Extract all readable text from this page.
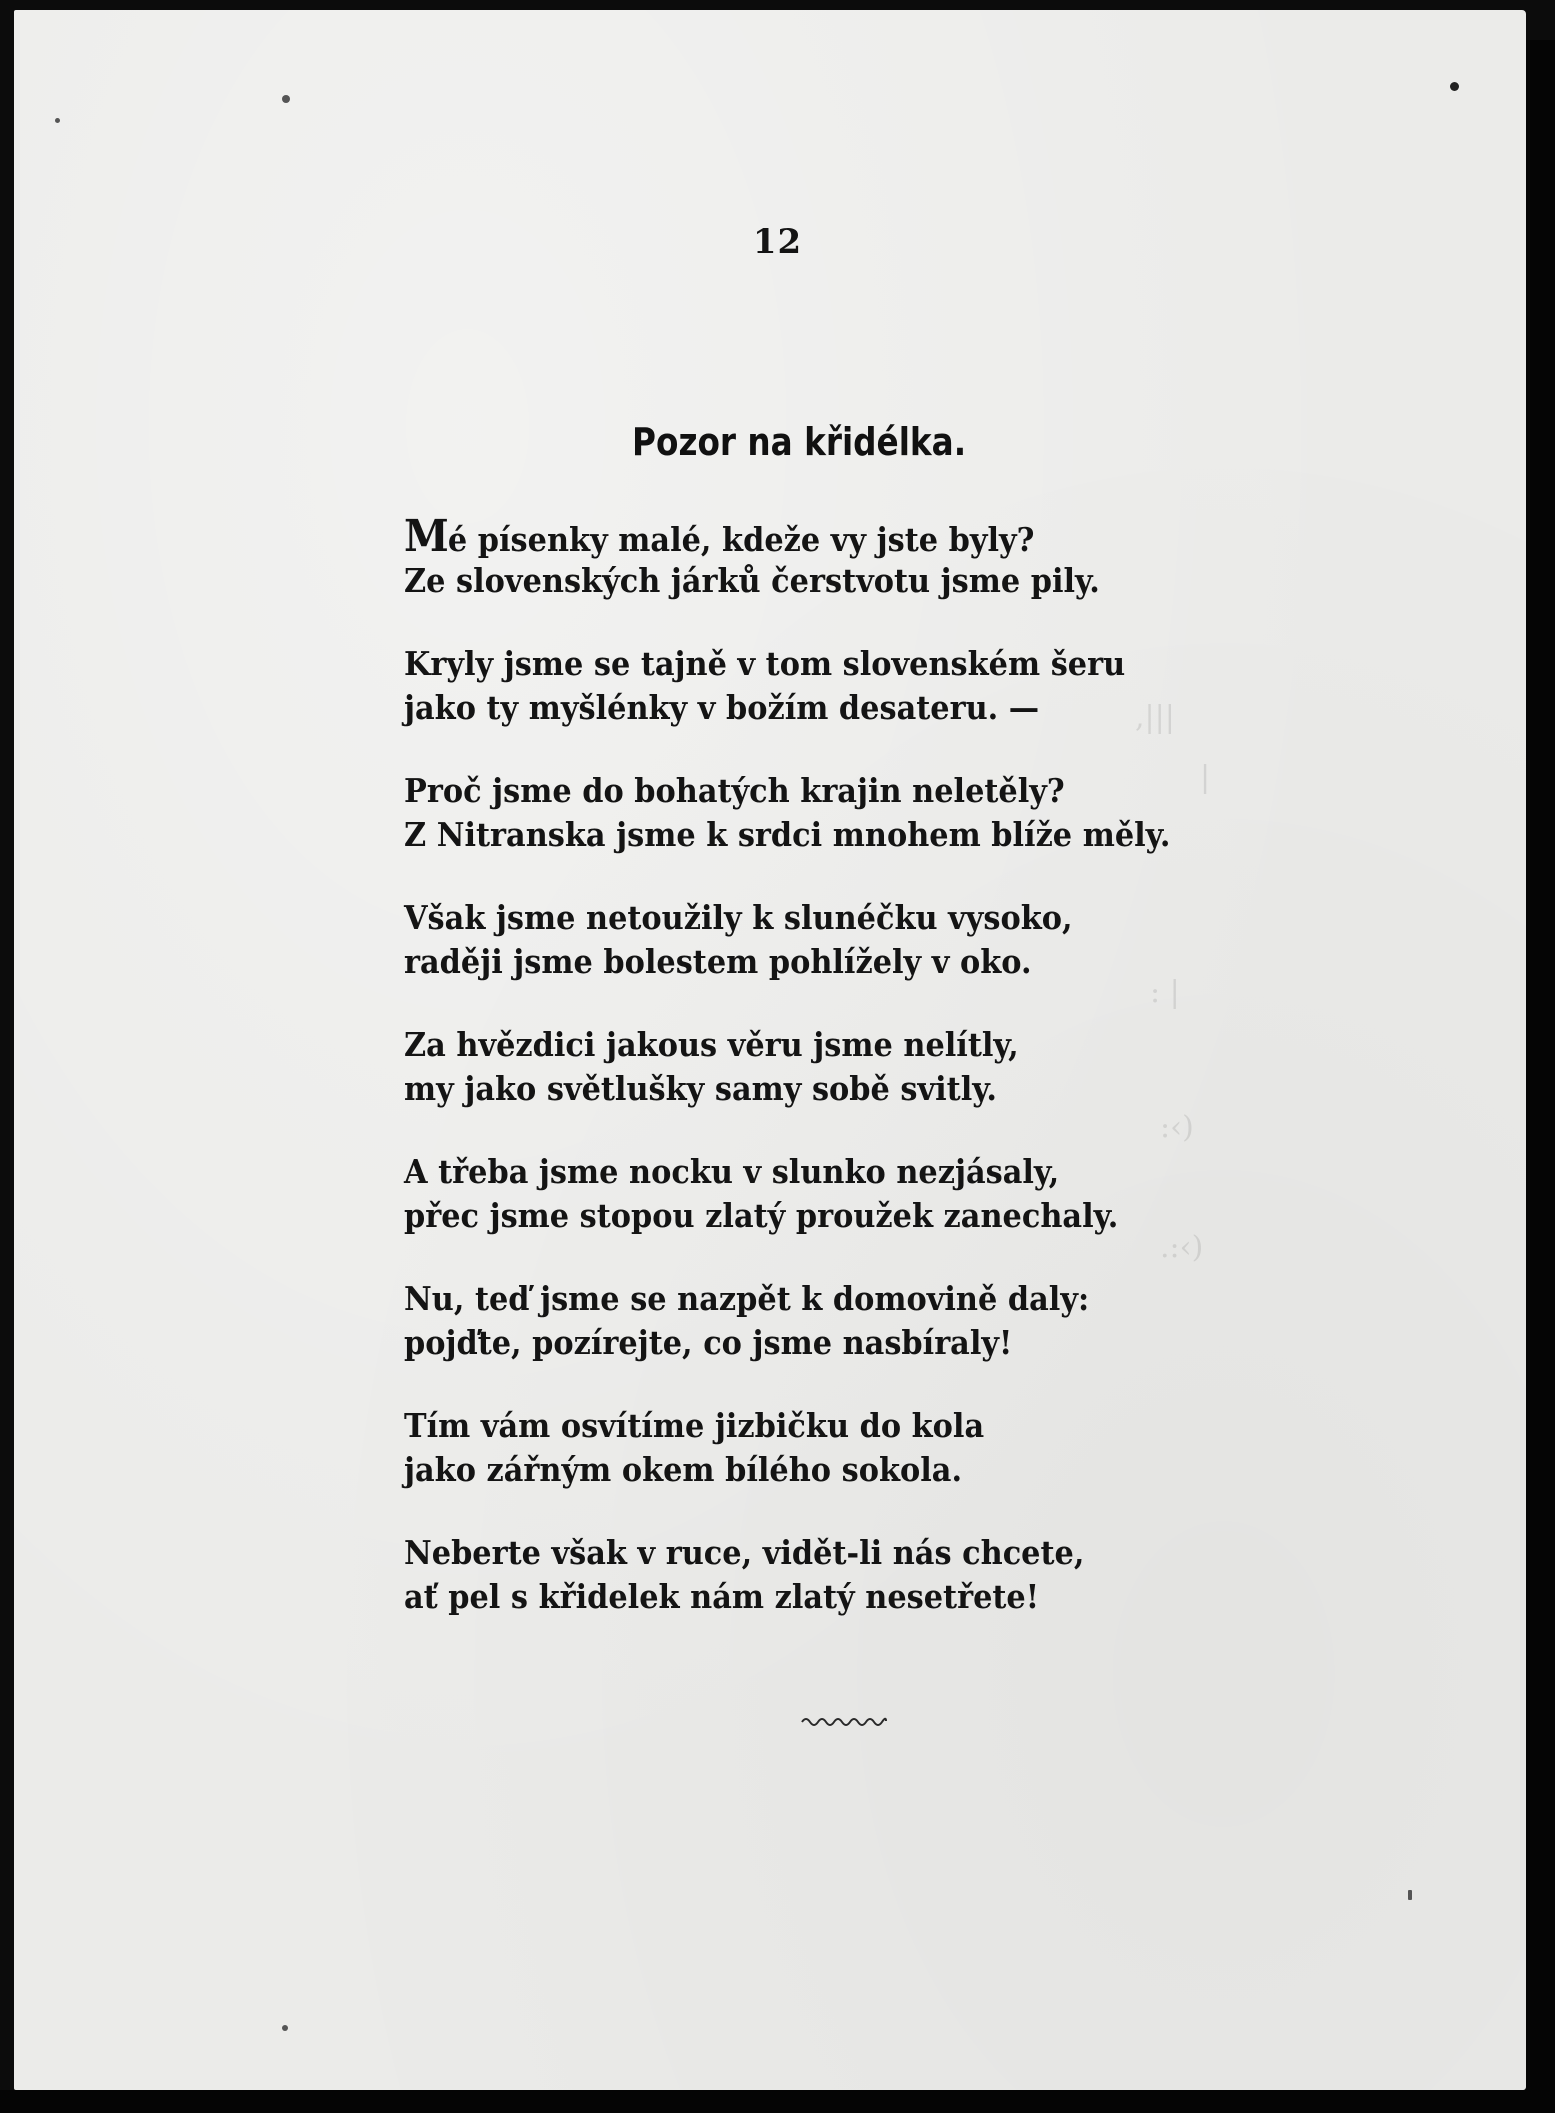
,|||
|
: |
:‹)
.:‹)
12
Pozor na křidélka.
Mé písenky malé, kdeže vy jste byly?
Ze slovenských járků čerstvotu jsme pily.
Kryly jsme se tajně v tom slovenském šeru
jako ty myšlénky v božím desateru. —
Proč jsme do bohatých krajin neletěly?
Z Nitranska jsme k srdci mnohem blíže měly.
Však jsme netoužily k slunéčku vysoko,
raději jsme bolestem pohlížely v oko.
Za hvězdici jakous věru jsme nelítly,
my jako světlušky samy sobě svitly.
A třeba jsme nocku v slunko nezjásaly,
přec jsme stopou zlatý proužek zanechaly.
Nu, teď jsme se nazpět k domovině daly:
pojďte, pozírejte, co jsme nasbíraly!
Tím vám osvítíme jizbičku do kola
jako zářným okem bílého sokola.
Neberte však v ruce, vidět-li nás chcete,
ať pel s křidelek nám zlatý nesetřete!
